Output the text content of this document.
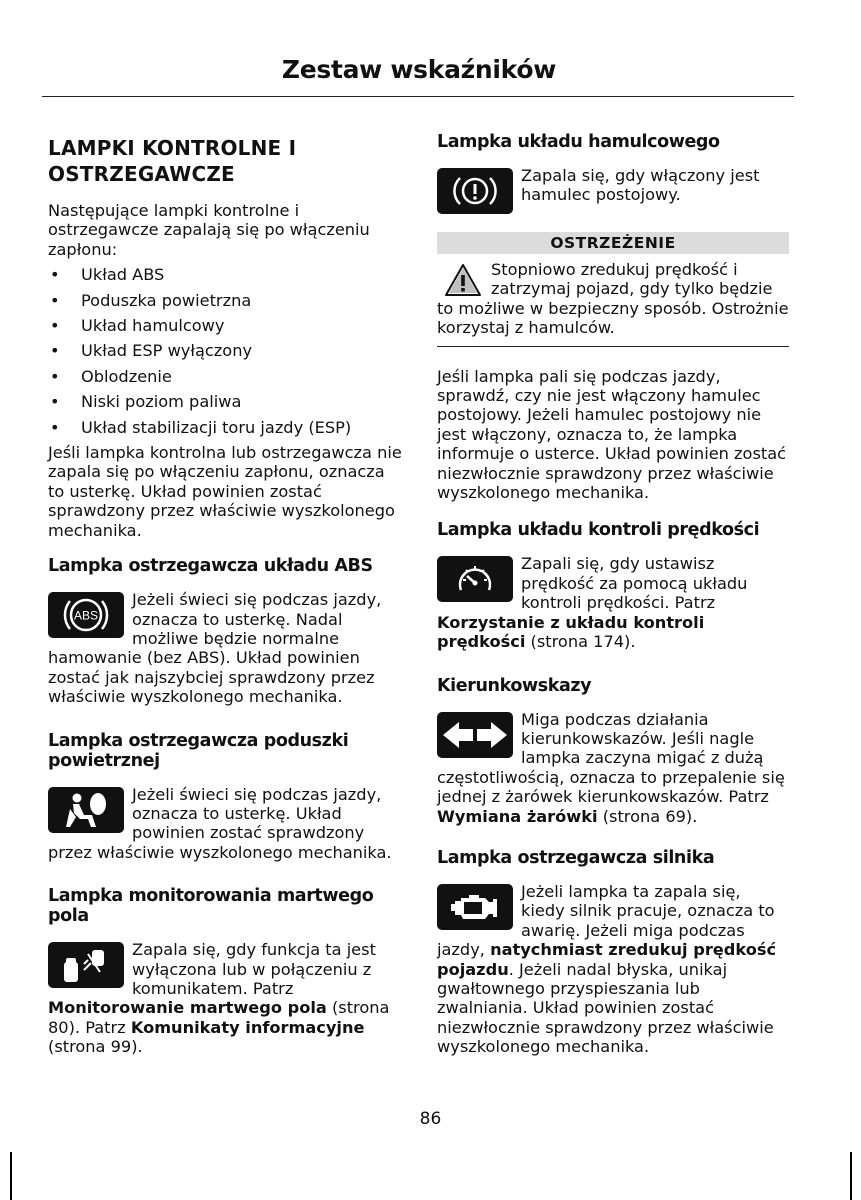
Zestaw wskaźników
LAMPKI KONTROLNE I
OSTRZEGAWCZE

Następujące lampki kontrolne i ostrzegawcze zapalają się po włączeniu zapłonu:

•	Układ ABS
•	Poduszka powietrzna
•	Układ hamulcowy
•	Układ ESP wyłączony
•	Oblodzenie
•	Niski poziom paliwa
•	Układ stabilizacji toru jazdy (ESP)

Jeśli lampka kontrolna lub ostrzegawcza nie zapala się po włączeniu zapłonu, oznacza to usterkę. Układ powinien zostać sprawdzony przez właściwie wyszkolonego mechanika.

Lampka ostrzegawcza układu ABS
ABS

Jeżeli świeci się podczas jazdy, oznacza to usterkę. Nadal możliwe będzie normalne hamowanie (bez ABS). Układ powinien zostać jak najszybciej sprawdzony przez właściwie wyszkolonego mechanika.

Lampka ostrzegawcza poduszki powietrznej

Jeżeli świeci się podczas jazdy, oznacza to usterkę. Układ powinien zostać sprawdzony przez właściwie wyszkolonego mechanika.

Lampka monitorowania martwego pola

Zapala się, gdy funkcja ta jest wyłączona lub w połączeniu z komunikatem. Patrz Monitorowanie martwego pola (strona 80). Patrz Komunikaty informacyjne (strona 99).

Lampka układu hamulcowego

Zapala się, gdy włączony jest hamulec postojowy.

OSTRZEŻENIE

Stopniowo zredukuj prędkość i zatrzymaj pojazd, gdy tylko będzie to możliwe w bezpieczny sposób. Ostrożnie korzystaj z hamulców.

Jeśli lampka pali się podczas jazdy, sprawdź, czy nie jest włączony hamulec postojowy. Jeżeli hamulec postojowy nie jest włączony, oznacza to, że lampka informuje o usterce. Układ powinien zostać niezwłocznie sprawdzony przez właściwie wyszkolonego mechanika.

Lampka układu kontroli prędkości

Zapali się, gdy ustawisz prędkość za pomocą układu kontroli prędkości. Patrz Korzystanie z układu kontroli prędkości (strona 174).

Kierunkowskazy

Miga podczas działania kierunkowskazów. Jeśli nagle lampka zaczyna migać z dużą częstotliwością, oznacza to przepalenie się jednej z żarówek kierunkowskazów. Patrz Wymiana żarówki (strona 69).

Lampka ostrzegawcza silnika

Jeżeli lampka ta zapala się, kiedy silnik pracuje, oznacza to awarię. Jeżeli miga podczas jazdy, natychmiast zredukuj prędkość pojazdu. Jeżeli nadal błyska, unikaj gwałtownego przyspieszania lub zwalniania. Układ powinien zostać niezwłocznie sprawdzony przez właściwie wyszkolonego mechanika.

86
